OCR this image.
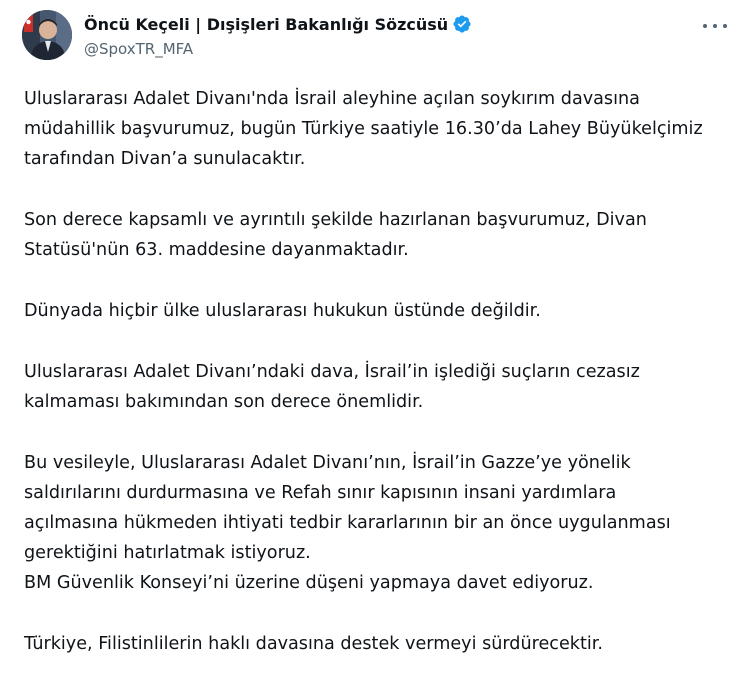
Öncü Keçeli | Dışişleri Bakanlığı Sözcüsü
@SpoxTR_MFA

Uluslararası Adalet Divanı'nda İsrail aleyhine açılan soykırım davasına
müdahillik başvurumuz, bugün Türkiye saatiyle 16.30’da Lahey Büyükelçimiz
tarafından Divan’a sunulacaktır.

Son derece kapsamlı ve ayrıntılı şekilde hazırlanan başvurumuz, Divan
Statüsü'nün 63. maddesine dayanmaktadır.

Dünyada hiçbir ülke uluslararası hukukun üstünde değildir.

Uluslararası Adalet Divanı’ndaki dava, İsrail’in işlediği suçların cezasız
kalmaması bakımından son derece önemlidir.

Bu vesileyle, Uluslararası Adalet Divanı’nın, İsrail’in Gazze’ye yönelik
saldırılarını durdurmasına ve Refah sınır kapısının insani yardımlara
açılmasına hükmeden ihtiyati tedbir kararlarının bir an önce uygulanması
gerektiğini hatırlatmak istiyoruz.
BM Güvenlik Konseyi’ni üzerine düşeni yapmaya davet ediyoruz.

Türkiye, Filistinlilerin haklı davasına destek vermeyi sürdürecektir.
